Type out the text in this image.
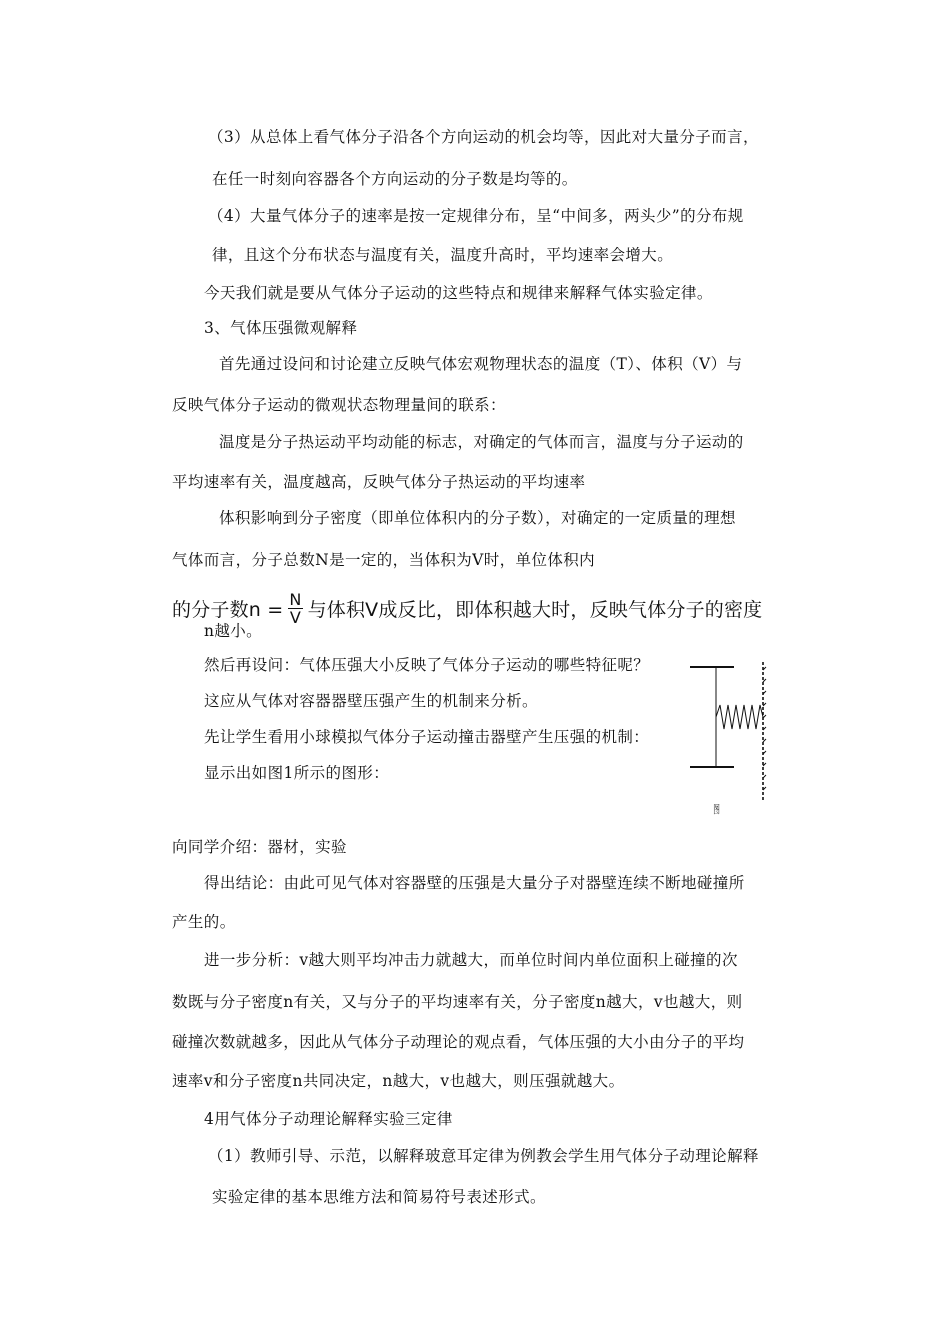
（3）从总体上看气体分子沿各个方向运动的机会均等，因此对大量分子而言，
在任一时刻向容器各个方向运动的分子数是均等的。
（4）大量气体分子的速率是按一定规律分布，呈“中间多，两头少”的分布规
律，且这个分布状态与温度有关，温度升高时，平均速率会增大。
今天我们就是要从气体分子运动的这些特点和规律来解释气体实验定律。
3、气体压强微观解释
首先通过设问和讨论建立反映气体宏观物理状态的温度（T）、体积（V）与
反映气体分子运动的微观状态物理量间的联系：
温度是分子热运动平均动能的标志，对确定的气体而言，温度与分子运动的
平均速率有关，温度越高，反映气体分子热运动的平均速率
体积影响到分子密度（即单位体积内的分子数），对确定的一定质量的理想
气体而言，分子总数N是一定的，当体积为V时，单位体积内
的分子数$n = \frac{N}{V}$ 与体积V成反比，即体积越大时，反映气体分子的密度
n越小。
然后再设问：气体压强大小反映了气体分子运动的哪些特征呢？
这应从气体对容器器壁压强产生的机制来分析。
先让学生看用小球模拟气体分子运动撞击器壁产生压强的机制：
显示出如图1所示的图形：
图
向同学介绍：器材，实验
得出结论：由此可见气体对容器壁的压强是大量分子对器壁连续不断地碰撞所
产生的。
进一步分析：v越大则平均冲击力就越大，而单位时间内单位面积上碰撞的次
数既与分子密度n有关，又与分子的平均速率有关，分子密度n越大，v也越大，则
碰撞次数就越多，因此从气体分子动理论的观点看，气体压强的大小由分子的平均
速率v和分子密度n共同决定，n越大，v也越大，则压强就越大。
4用气体分子动理论解释实验三定律
（1）教师引导、示范，以解释玻意耳定律为例教会学生用气体分子动理论解释
实验定律的基本思维方法和简易符号表述形式。
